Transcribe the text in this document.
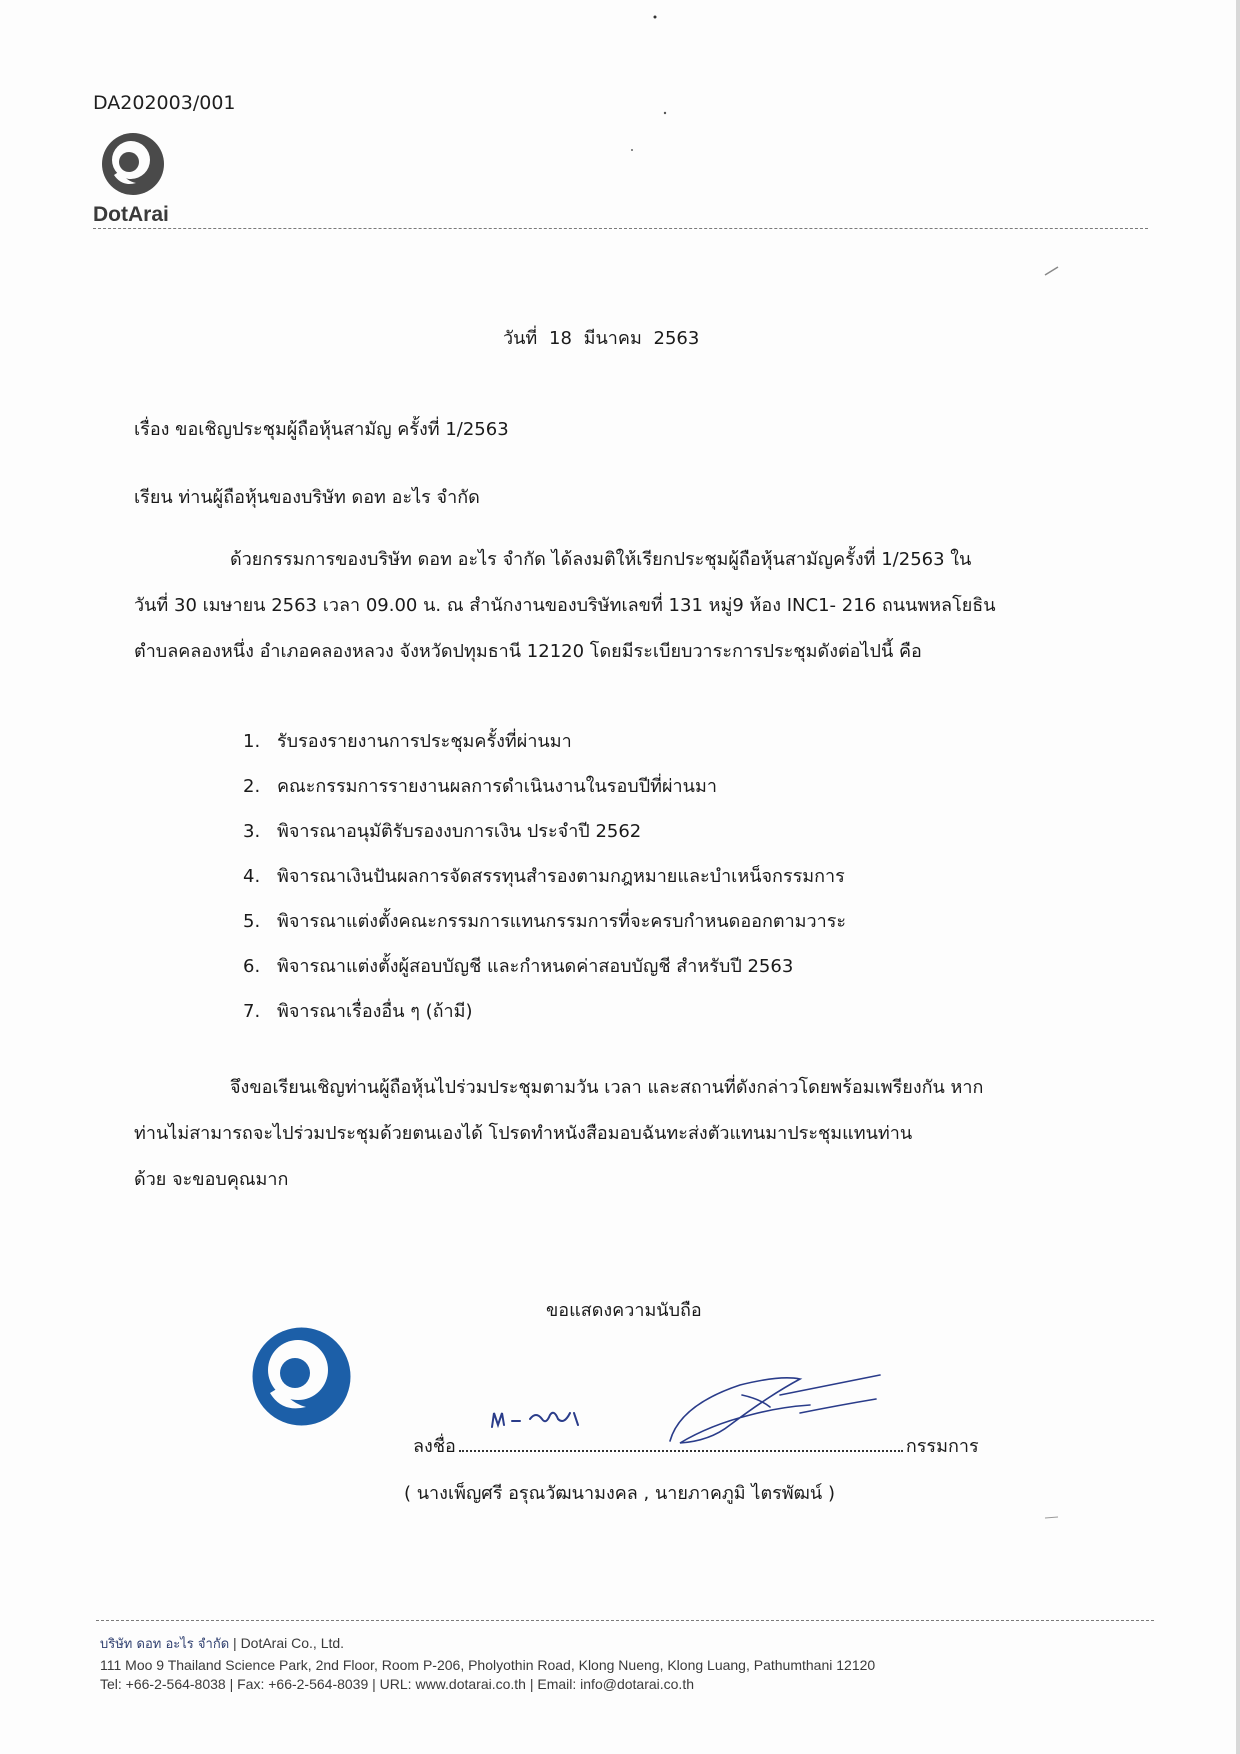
DA202003/001
DotArai
วันที่ 18 มีนาคม 2563
เรื่อง ขอเชิญประชุมผู้ถือหุ้นสามัญ ครั้งที่ 1/2563
เรียน ท่านผู้ถือหุ้นของบริษัท ดอท อะไร จำกัด

ด้วยกรรมการของบริษัท ดอท อะไร จำกัด ได้ลงมติให้เรียกประชุมผู้ถือหุ้นสามัญครั้งที่ 1/2563 ใน

วันที่ 30 เมษายน 2563 เวลา 09.00 น. ณ สำนักงานของบริษัทเลขที่ 131 หมู่9 ห้อง INC1- 216 ถนนพหลโยธิน

ตำบลคลองหนึ่ง อำเภอคลองหลวง จังหวัดปทุมธานี 12120 โดยมีระเบียบวาระการประชุมดังต่อไปนี้ คือ

1. รับรองรายงานการประชุมครั้งที่ผ่านมา
2. คณะกรรมการรายงานผลการดำเนินงานในรอบปีที่ผ่านมา
3. พิจารณาอนุมัติรับรองงบการเงิน ประจำปี 2562
4. พิจารณาเงินปันผลการจัดสรรทุนสำรองตามกฎหมายและบำเหน็จกรรมการ
5. พิจารณาแต่งตั้งคณะกรรมการแทนกรรมการที่จะครบกำหนดออกตามวาระ
6. พิจารณาแต่งตั้งผู้สอบบัญชี และกำหนดค่าสอบบัญชี สำหรับปี 2563
7. พิจารณาเรื่องอื่น ๆ (ถ้ามี)

จึงขอเรียนเชิญท่านผู้ถือหุ้นไปร่วมประชุมตามวัน เวลา และสถานที่ดังกล่าวโดยพร้อมเพรียงกัน หาก

ท่านไม่สามารถจะไปร่วมประชุมด้วยตนเองได้ โปรดทำหนังสือมอบฉันทะส่งตัวแทนมาประชุมแทนท่าน

ด้วย จะขอบคุณมาก

ขอแสดงความนับถือ
ลงชื่อ	กรรมการ
( นางเพ็ญศรี อรุณวัฒนามงคล , นายภาคภูมิ ไตรพัฒน์ )
บริษัท ดอท อะไร จำกัด | DotArai Co., Ltd.
111 Moo 9 Thailand Science Park, 2nd Floor, Room P-206, Pholyothin Road, Klong Nueng, Klong Luang, Pathumthani 12120
Tel: +66-2-564-8038 | Fax: +66-2-564-8039 | URL: www.dotarai.co.th | Email: info@dotarai.co.th
